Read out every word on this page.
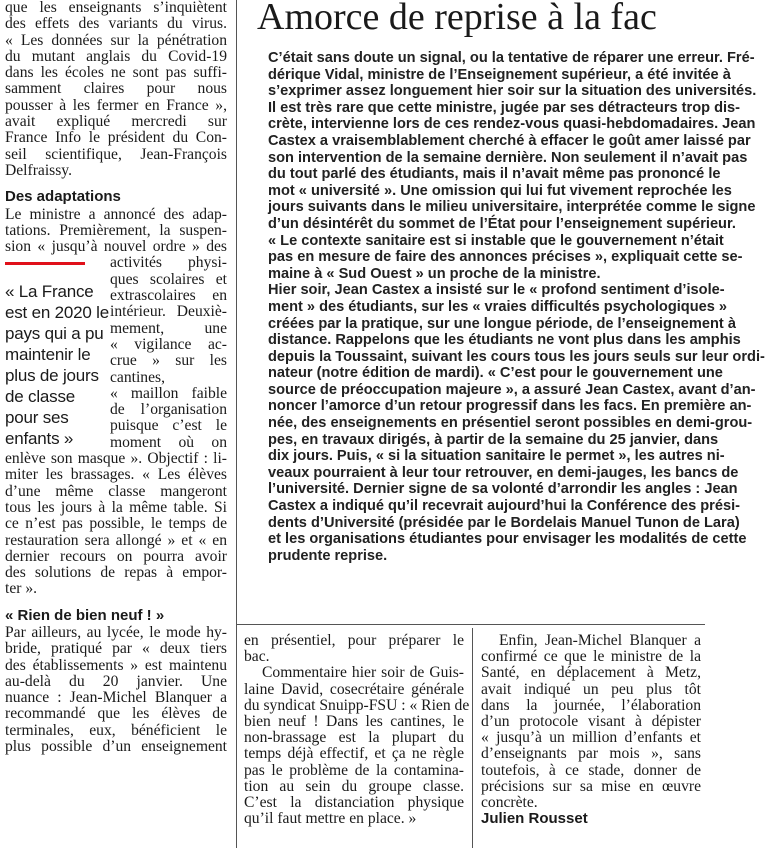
que les enseignants s’inquiètent
des effets des variants du virus.
« Les données sur la pénétration
du mutant anglais du Covid-19
dans les écoles ne sont pas suffi-
samment claires pour nous
pousser à les fermer en France »,
avait expliqué mercredi sur
France Info le président du Con-
seil scientifique, Jean-François
Delfraissy.
Des adaptations
Le ministre a annoncé des adap-
tations. Premièrement, la suspen-
sion « jusqu’à nouvel ordre » des
« La France est en 2020 le pays qui a pu maintenir le plus de jours de classe pour ses enfants »
activités physi-
ques scolaires et
extrascolaires en
intérieur. Deuxiè-
mement, une
« vigilance ac-
crue » sur les
cantines,
« maillon faible
de l’organisation
puisque c’est le
moment où on
enlève son masque ». Objectif : li-
miter les brassages. « Les élèves
d’une même classe mangeront
tous les jours à la même table. Si
ce n’est pas possible, le temps de
restauration sera allongé » et « en
dernier recours on pourra avoir
des solutions de repas à empor-
ter ».
« Rien de bien neuf ! »
Par ailleurs, au lycée, le mode hy-
bride, pratiqué par « deux tiers
des établissements » est maintenu
au-delà du 20 janvier. Une
nuance : Jean-Michel Blanquer a
recommandé que les élèves de
terminales, eux, bénéficient le
plus possible d’un enseignement
Amorce de reprise à la fac
C’était sans doute un signal, ou la tentative de réparer une erreur. Fré-
dérique Vidal, ministre de l’Enseignement supérieur, a été invitée à
s’exprimer assez longuement hier soir sur la situation des universités.
Il est très rare que cette ministre, jugée par ses détracteurs trop dis-
crète, intervienne lors de ces rendez-vous quasi-hebdomadaires. Jean
Castex a vraisemblablement cherché à effacer le goût amer laissé par
son intervention de la semaine dernière. Non seulement il n’avait pas
du tout parlé des étudiants, mais il n’avait même pas prononcé le
mot « université ». Une omission qui lui fut vivement reprochée les
jours suivants dans le milieu universitaire, interprétée comme le signe
d’un désintérêt du sommet de l’État pour l’enseignement supérieur.
« Le contexte sanitaire est si instable que le gouvernement n’était
pas en mesure de faire des annonces précises », expliquait cette se-
maine à « Sud Ouest » un proche de la ministre.
Hier soir, Jean Castex a insisté sur le « profond sentiment d’isole-
ment » des étudiants, sur les « vraies difficultés psychologiques »
créées par la pratique, sur une longue période, de l’enseignement à
distance. Rappelons que les étudiants ne vont plus dans les amphis
depuis la Toussaint, suivant les cours tous les jours seuls sur leur ordi-
nateur (notre édition de mardi). « C’est pour le gouvernement une
source de préoccupation majeure », a assuré Jean Castex, avant d’an-
noncer l’amorce d’un retour progressif dans les facs. En première an-
née, des enseignements en présentiel seront possibles en demi-grou-
pes, en travaux dirigés, à partir de la semaine du 25 janvier, dans
dix jours. Puis, « si la situation sanitaire le permet », les autres ni-
veaux pourraient à leur tour retrouver, en demi-jauges, les bancs de
l’université. Dernier signe de sa volonté d’arrondir les angles : Jean
Castex a indiqué qu’il recevrait aujourd’hui la Conférence des prési-
dents d’Université (présidée par le Bordelais Manuel Tunon de Lara)
et les organisations étudiantes pour envisager les modalités de cette
prudente reprise.
en présentiel, pour préparer le
bac.
Commentaire hier soir de Guis-
laine David, cosecrétaire générale
du syndicat Snuipp-FSU : « Rien de
bien neuf ! Dans les cantines, le
non-brassage est la plupart du
temps déjà effectif, et ça ne règle
pas le problème de la contamina-
tion au sein du groupe classe.
C’est la distanciation physique
qu’il faut mettre en place. »
Enfin, Jean-Michel Blanquer a
confirmé ce que le ministre de la
Santé, en déplacement à Metz,
avait indiqué un peu plus tôt
dans la journée, l’élaboration
d’un protocole visant à dépister
« jusqu’à un million d’enfants et
d’enseignants par mois », sans
toutefois, à ce stade, donner de
précisions sur sa mise en œuvre
concrète.
Julien Rousset
